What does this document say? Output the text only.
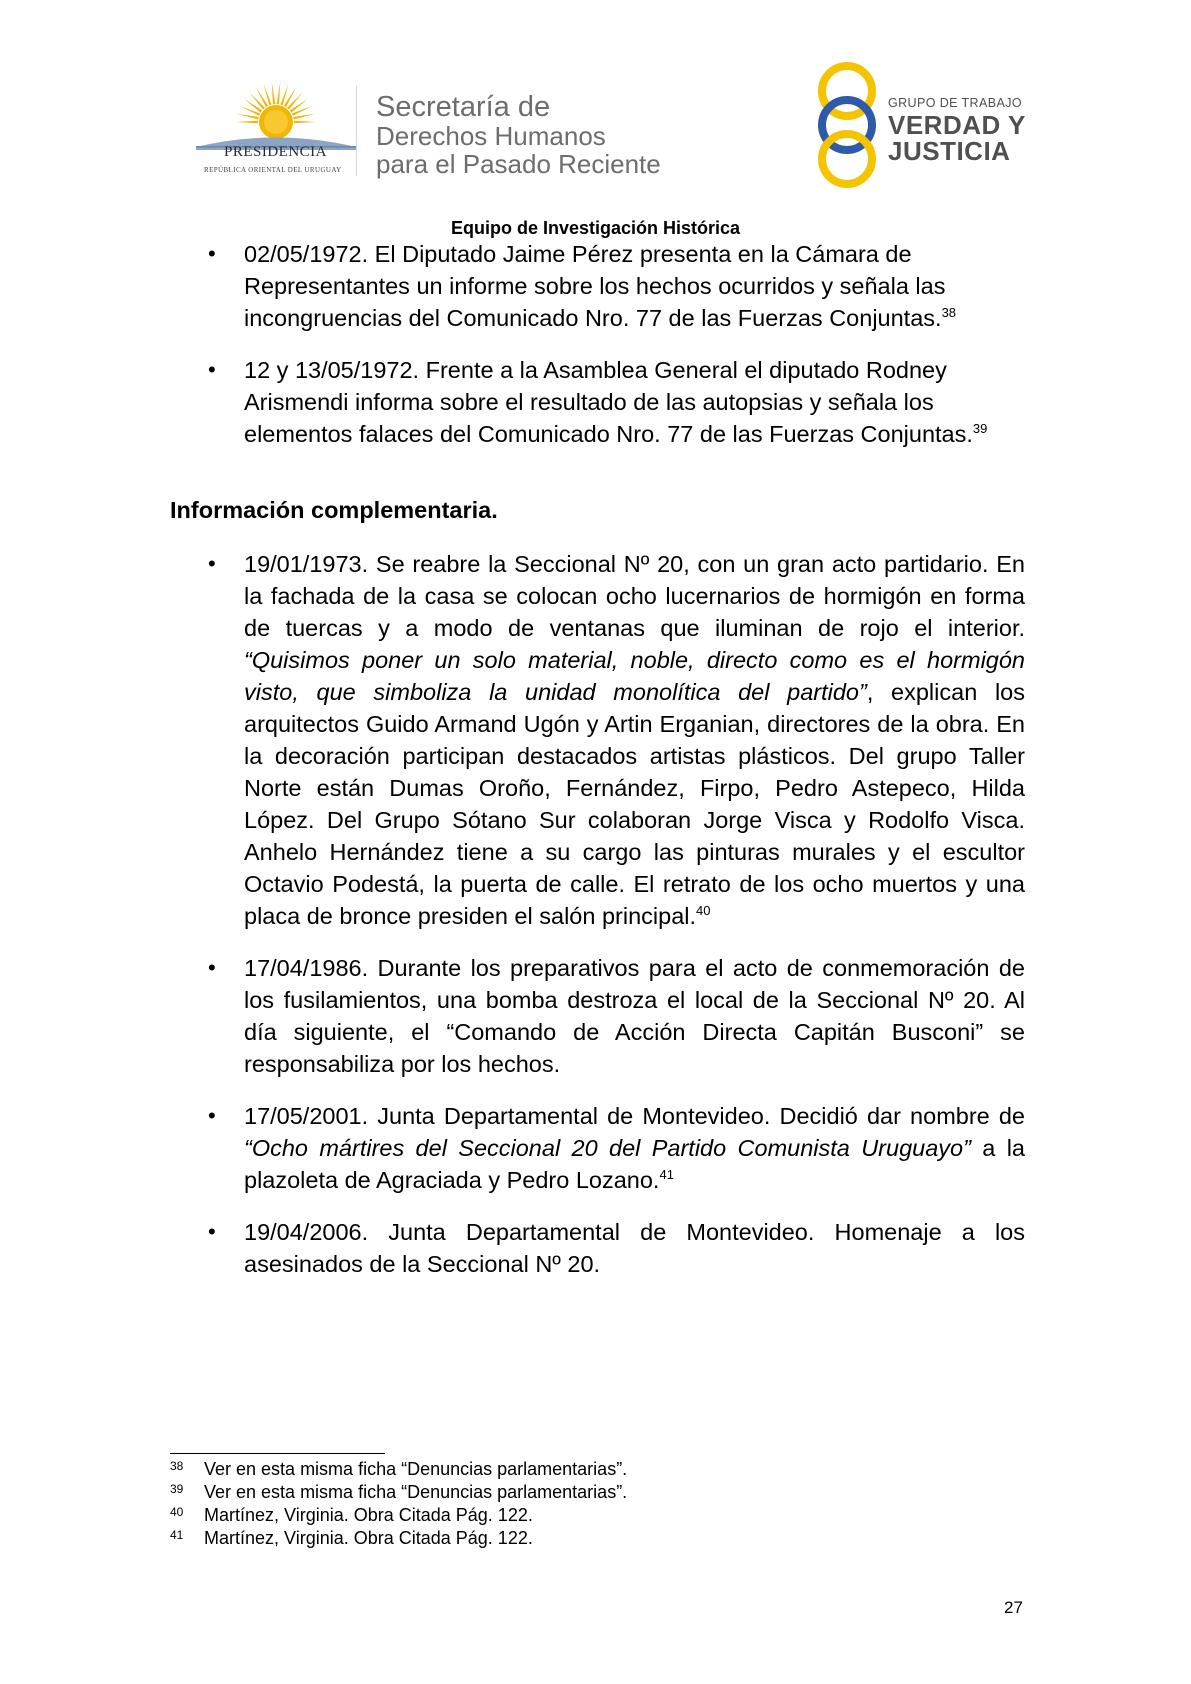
PRESIDENCIA
REPÚBLICA ORIENTAL DEL URUGUAY
Secretaría de
Derechos Humanos
para el Pasado Reciente
GRUPO DE TRABAJO
VERDAD Y
JUSTICIA
Equipo de Investigación Histórica
• 02/05/1972. El Diputado Jaime Pérez presenta en la Cámara de Representantes un informe sobre los hechos ocurridos y señala las incongruencias del Comunicado Nro. 77 de las Fuerzas Conjuntas.$^{38}$
• 12 y 13/05/1972. Frente a la Asamblea General el diputado Rodney Arismendi informa sobre el resultado de las autopsias y señala los elementos falaces del Comunicado Nro. 77 de las Fuerzas Conjuntas.$^{39}$
Información complementaria.
• 19/01/1973. Se reabre la Seccional Nº 20, con un gran acto partidario. En la fachada de la casa se colocan ocho lucernarios de hormigón en forma de tuercas y a modo de ventanas que iluminan de rojo el interior. “Quisimos poner un solo material, noble, directo como es el hormigón visto, que simboliza la unidad monolítica del partido”, explican los arquitectos Guido Armand Ugón y Artin Erganian, directores de la obra. En la decoración participan destacados artistas plásticos. Del grupo Taller Norte están Dumas Oroño, Fernández, Firpo, Pedro Astepeco, Hilda López. Del Grupo Sótano Sur colaboran Jorge Visca y Rodolfo Visca. Anhelo Hernández tiene a su cargo las pinturas murales y el escultor Octavio Podestá, la puerta de calle. El retrato de los ocho muertos y una placa de bronce presiden el salón principal.$^{40}$
• 17/04/1986. Durante los preparativos para el acto de conmemoración de los fusilamientos, una bomba destroza el local de la Seccional Nº 20. Al día siguiente, el “Comando de Acción Directa Capitán Busconi” se responsabiliza por los hechos.
• 17/05/2001. Junta Departamental de Montevideo. Decidió dar nombre de “Ocho mártires del Seccional 20 del Partido Comunista Uruguayo” a la plazoleta de Agraciada y Pedro Lozano.$^{41}$
• 19/04/2006. Junta Departamental de Montevideo. Homenaje a los asesinados de la Seccional Nº 20.
38 Ver en esta misma ficha “Denuncias parlamentarias”.
39 Ver en esta misma ficha “Denuncias parlamentarias”.
40 Martínez, Virginia. Obra Citada Pág. 122.
41 Martínez, Virginia. Obra Citada Pág. 122.
27
